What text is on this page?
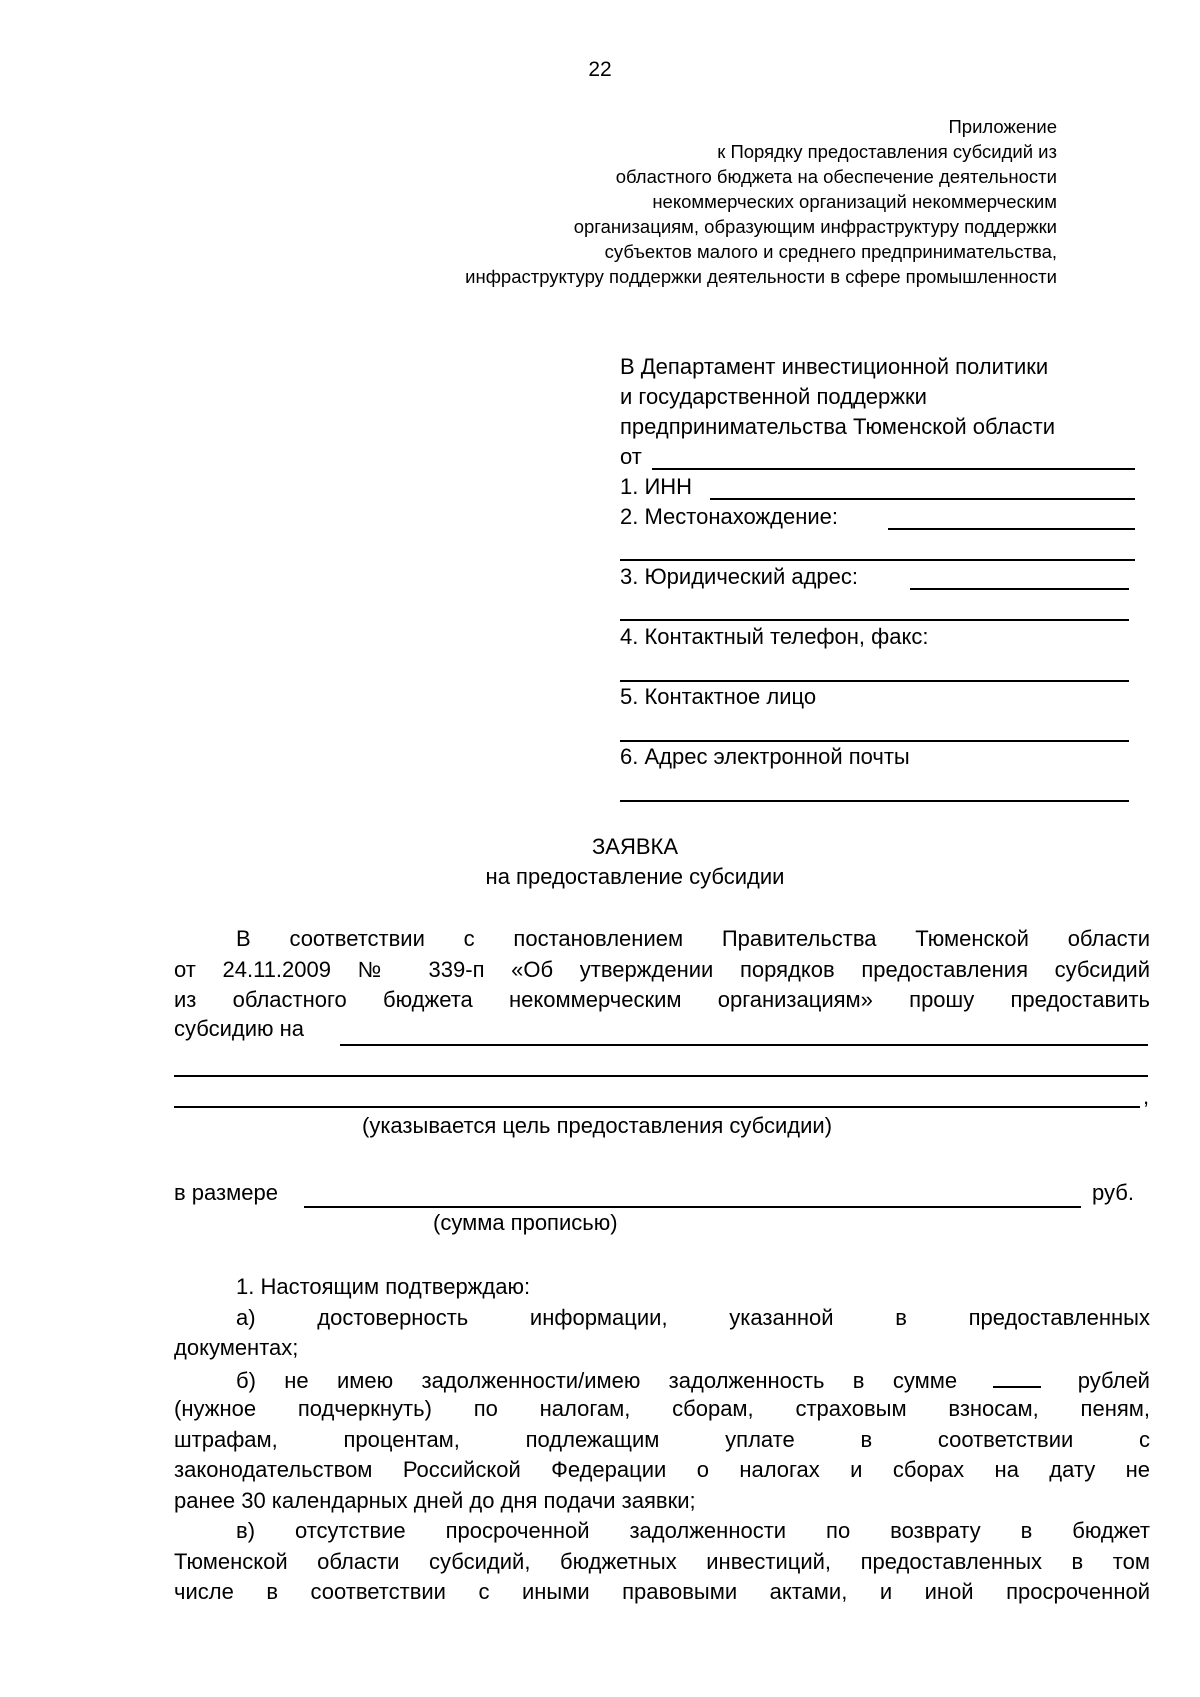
22
Приложение
к Порядку предоставления субсидий из
областного бюджета на обеспечение деятельности
некоммерческих организаций некоммерческим
организациям, образующим инфраструктуру поддержки
субъектов малого и среднего предпринимательства,
инфраструктуру поддержки деятельности в сфере промышленности
В Департамент инвестиционной политики
и государственной поддержки
предпринимательства Тюменской области
от
1. ИНН
2. Местонахождение:
3. Юридический адрес:
4. Контактный телефон, факс:
5. Контактное лицо
6. Адрес электронной почты
ЗАЯВКА
на предоставление субсидии
В соответствии с постановлением Правительства Тюменской области
от 24.11.2009 № 339-п «Об утверждении порядков предоставления субсидий
из областного бюджета некоммерческим организациям» прошу предоставить
субсидию на
,
(указывается цель предоставления субсидии)
в размере	руб.
(сумма прописью)
1. Настоящим подтверждаю:
а) достоверность информации, указанной в предоставленных
документах;
б) не имею задолженности/имею задолженность в сумме	рублей
(нужное подчеркнуть) по налогам, сборам, страховым взносам, пеням,
штрафам, процентам, подлежащим уплате в соответствии с
законодательством Российской Федерации о налогах и сборах на дату не
ранее 30 календарных дней до дня подачи заявки;
в) отсутствие просроченной задолженности по возврату в бюджет
Тюменской области субсидий, бюджетных инвестиций, предоставленных в том
числе в соответствии с иными правовыми актами, и иной просроченной
